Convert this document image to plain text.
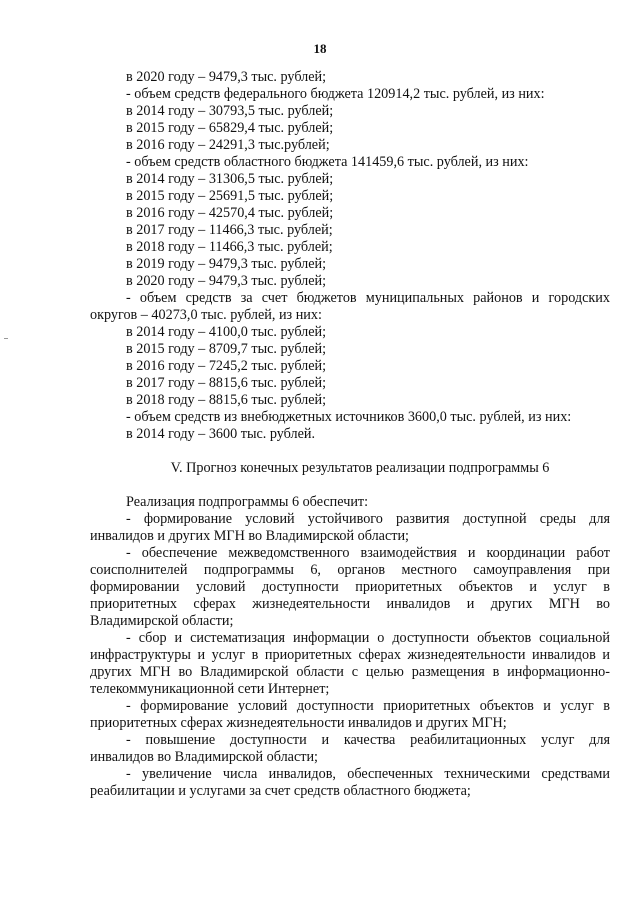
18
в 2020 году – 9479,3 тыс. рублей;
- объем средств федерального бюджета 120914,2 тыс. рублей, из них:
в 2014 году – 30793,5 тыс. рублей;
в 2015 году – 65829,4 тыс. рублей;
в 2016 году – 24291,3 тыс.рублей;
- объем средств областного бюджета 141459,6 тыс. рублей, из них:
в 2014 году – 31306,5 тыс. рублей;
в 2015 году – 25691,5 тыс. рублей;
в 2016 году – 42570,4 тыс. рублей;
в 2017 году – 11466,3 тыс. рублей;
в 2018 году – 11466,3 тыс. рублей;
в 2019 году – 9479,3 тыс. рублей;
в 2020 году – 9479,3 тыс. рублей;
- объем средств за счет бюджетов муниципальных районов и городских
округов – 40273,0 тыс. рублей, из них:
в 2014 году – 4100,0 тыс. рублей;
в 2015 году – 8709,7 тыс. рублей;
в 2016 году – 7245,2 тыс. рублей;
в 2017 году – 8815,6 тыс. рублей;
в 2018 году – 8815,6 тыс. рублей;
- объем средств из внебюджетных источников 3600,0 тыс. рублей, из них:
в 2014 году – 3600 тыс. рублей.
V. Прогноз конечных результатов реализации подпрограммы 6
Реализация подпрограммы 6 обеспечит:
- формирование условий устойчивого развития доступной среды для
инвалидов и других МГН во Владимирской области;
- обеспечение межведомственного взаимодействия и координации работ
соисполнителей подпрограммы 6, органов местного самоуправления при
формировании условий доступности приоритетных объектов и услуг в
приоритетных сферах жизнедеятельности инвалидов и других МГН во
Владимирской области;
- сбор и систематизация информации о доступности объектов социальной
инфраструктуры и услуг в приоритетных сферах жизнедеятельности инвалидов и
других МГН во Владимирской области с целью размещения в информационно-
телекоммуникационной сети Интернет;
- формирование условий доступности приоритетных объектов и услуг в
приоритетных сферах жизнедеятельности инвалидов и других МГН;
- повышение доступности и качества реабилитационных услуг для
инвалидов во Владимирской области;
- увеличение числа инвалидов, обеспеченных техническими средствами
реабилитации и услугами за счет средств областного бюджета;
